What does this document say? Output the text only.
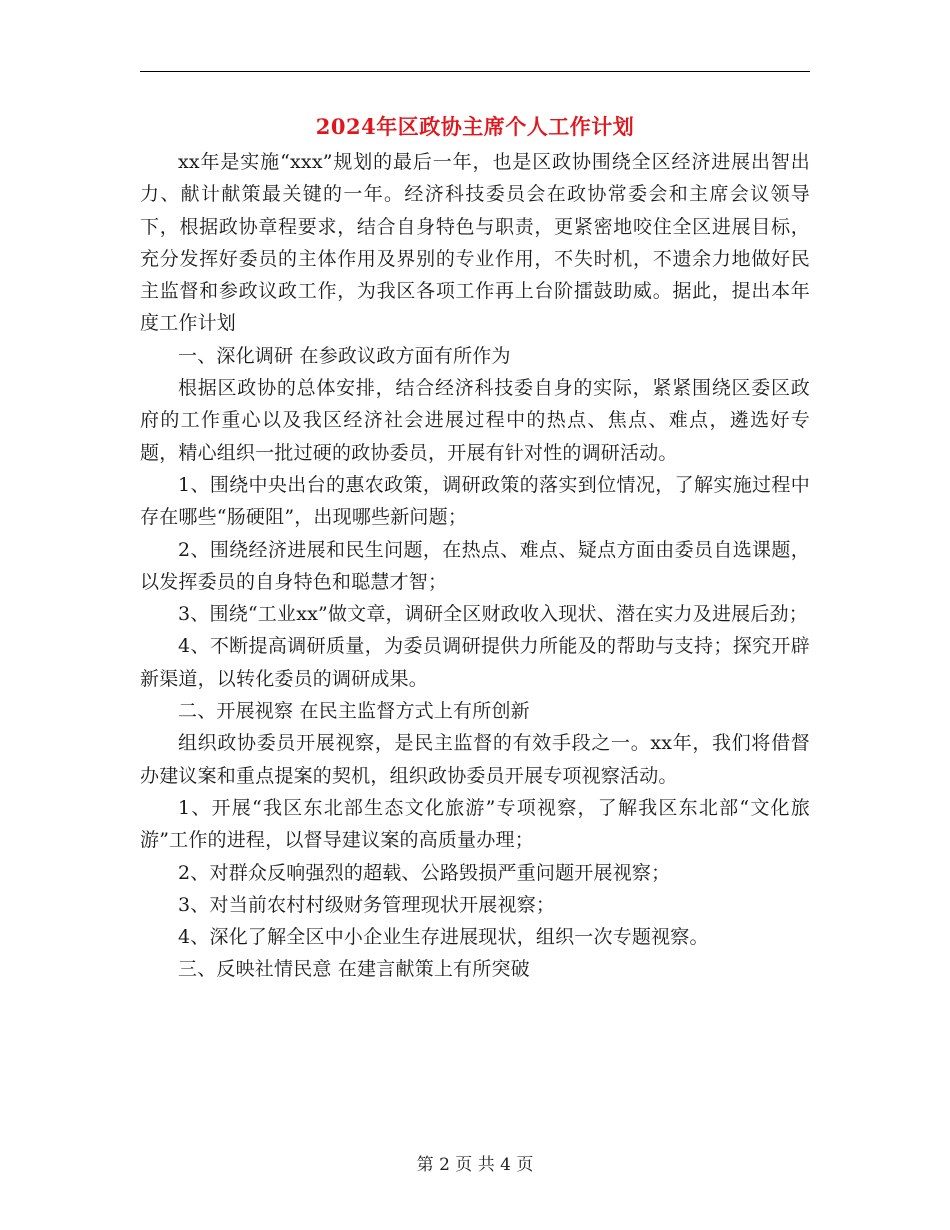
2024年区政协主席个人工作计划

xx年是实施“xxx”规划的最后一年，也是区政协围绕全区经济进展出智出力、献计献策最关键的一年。经济科技委员会在政协常委会和主席会议领导下，根据政协章程要求，结合自身特色与职责，更紧密地咬住全区进展目标，充分发挥好委员的主体作用及界别的专业作用，不失时机，不遗余力地做好民主监督和参政议政工作，为我区各项工作再上台阶擂鼓助威。据此，提出本年度工作计划

一、深化调研 在参政议政方面有所作为

根据区政协的总体安排，结合经济科技委自身的实际，紧紧围绕区委区政府的工作重心以及我区经济社会进展过程中的热点、焦点、难点，遴选好专题，精心组织一批过硬的政协委员，开展有针对性的调研活动。

1、围绕中央出台的惠农政策，调研政策的落实到位情况，了解实施过程中存在哪些“肠硬阻”，出现哪些新问题；

2、围绕经济进展和民生问题，在热点、难点、疑点方面由委员自选课题，以发挥委员的自身特色和聪慧才智；

3、围绕“工业xx”做文章，调研全区财政收入现状、潜在实力及进展后劲；

4、不断提高调研质量，为委员调研提供力所能及的帮助与支持；探究开辟新渠道，以转化委员的调研成果。

二、开展视察 在民主监督方式上有所创新

组织政协委员开展视察，是民主监督的有效手段之一。xx年，我们将借督办建议案和重点提案的契机，组织政协委员开展专项视察活动。

1、开展“我区东北部生态文化旅游”专项视察，了解我区东北部“文化旅游”工作的进程，以督导建议案的高质量办理；

2、对群众反响强烈的超载、公路毁损严重问题开展视察；

3、对当前农村村级财务管理现状开展视察；

4、深化了解全区中小企业生存进展现状，组织一次专题视察。

三、反映社情民意 在建言献策上有所突破

第 2 页 共 4 页
